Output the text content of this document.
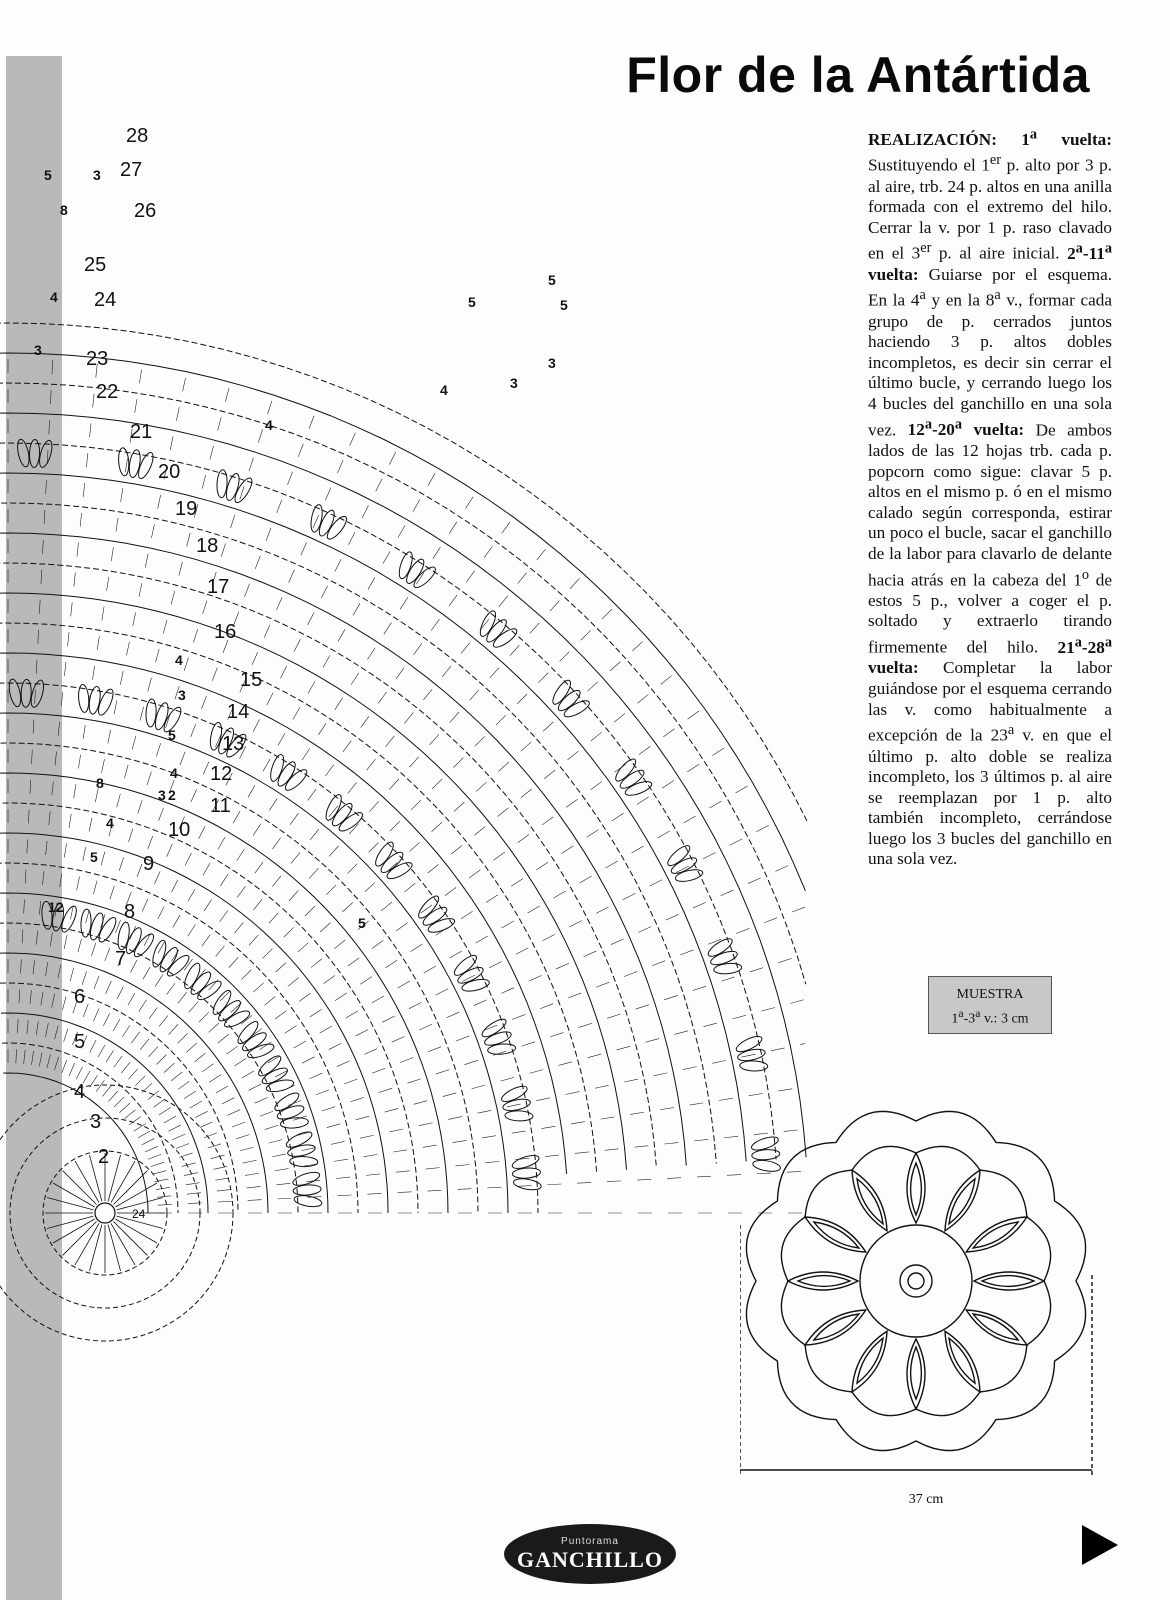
24
2
3
4
5
6
7
8
9
10
11
12
13
14
15
16
17
18
19
20
21
22
23
24
25
26
27
28
5	3
8
4
3
5
4	3
5
3
4
5
4
3
5
4
2
3
4
5
12
8
5
Flor de la Antártida

REALIZACIÓN: 1$^a$ vuelta: Sustituyendo el 1er p. alto por 3 p. al aire, trb. 24 p. altos en una anilla formada con el extremo del hilo. Cerrar la v. por 1 p. raso clavado en el 3er p. al aire inicial. 2$^a$-11$^a$ vuelta: Guiarse por el esquema. En la 4$^a$ y en la 8$^a$ v., formar cada grupo de p. cerrados juntos haciendo 3 p. altos dobles incompletos, es decir sin cerrar el último bucle, y cerrando luego los 4 bucles del ganchillo en una sola vez. 12$^a$-20$^a$ vuelta: De ambos lados de las 12 hojas trb. cada p. popcorn como sigue: clavar 5 p. altos en el mismo p. ó en el mismo calado según corresponda, estirar un poco el bucle, sacar el ganchillo de la labor para clavarlo de delante hacia atrás en la cabeza del 1$^o$ de estos 5 p., volver a coger el p. soltado y extraerlo tirando firmemente del hilo. 21$^a$-28$^a$ vuelta: Completar la labor guiándose por el esquema cerrando las v. como habitualmente a excepción de la 23$^a$ v. en que el último p. alto doble se realiza incompleto, los 3 últimos p. al aire se reemplazan por 1 p. alto también incompleto, cerrándose luego los 3 bucles del ganchillo en una sola vez.

MUESTRA
1$^a$-3$^a$ v.: 3 cm
37 cm
Puntorama
GANCHILLO
